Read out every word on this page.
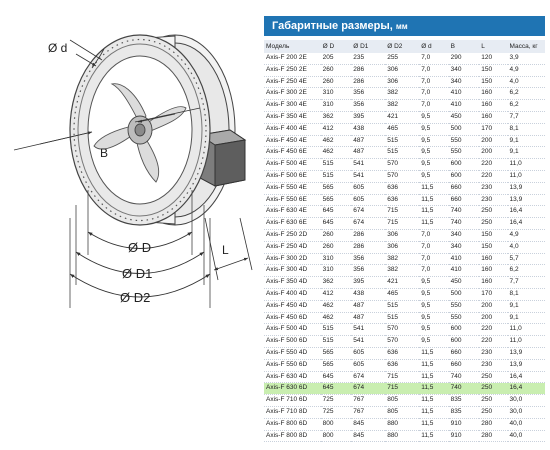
Ø d
B
Ø D
Ø D1
Ø D2
L
Габаритные размеры, мм
Модель	Ø D	Ø D1	Ø D2	Ø d	B	L	Масса, кг
Axis-F 200 2E	205	235	255	7,0	290	120	3,9
Axis-F 250 2E	260	286	306	7,0	340	150	4,9
Axis-F 250 4E	260	286	306	7,0	340	150	4,0
Axis-F 300 2E	310	356	382	7,0	410	160	6,2
Axis-F 300 4E	310	356	382	7,0	410	160	6,2
Axis-F 350 4E	362	395	421	9,5	450	160	7,7
Axis-F 400 4E	412	438	465	9,5	500	170	8,1
Axis-F 450 4E	462	487	515	9,5	550	200	9,1
Axis-F 450 6E	462	487	515	9,5	550	200	9,1
Axis-F 500 4E	515	541	570	9,5	600	220	11,0
Axis-F 500 6E	515	541	570	9,5	600	220	11,0
Axis-F 550 4E	565	605	636	11,5	660	230	13,9
Axis-F 550 6E	565	605	636	11,5	660	230	13,9
Axis-F 630 4E	645	674	715	11,5	740	250	16,4
Axis-F 630 6E	645	674	715	11,5	740	250	16,4
Axis-F 250 2D	260	286	306	7,0	340	150	4,9
Axis-F 250 4D	260	286	306	7,0	340	150	4,0
Axis-F 300 2D	310	356	382	7,0	410	160	5,7
Axis-F 300 4D	310	356	382	7,0	410	160	6,2
Axis-F 350 4D	362	395	421	9,5	450	160	7,7
Axis-F 400 4D	412	438	465	9,5	500	170	8,1
Axis-F 450 4D	462	487	515	9,5	550	200	9,1
Axis-F 450 6D	462	487	515	9,5	550	200	9,1
Axis-F 500 4D	515	541	570	9,5	600	220	11,0
Axis-F 500 6D	515	541	570	9,5	600	220	11,0
Axis-F 550 4D	565	605	636	11,5	660	230	13,9
Axis-F 550 6D	565	605	636	11,5	660	230	13,9
Axis-F 630 4D	645	674	715	11,5	740	250	16,4
Axis-F 630 6D	645	674	715	11,5	740	250	16,4
Axis-F 710 6D	725	767	805	11,5	835	250	30,0
Axis-F 710 8D	725	767	805	11,5	835	250	30,0
Axis-F 800 6D	800	845	880	11,5	910	280	40,0
Axis-F 800 8D	800	845	880	11,5	910	280	40,0
